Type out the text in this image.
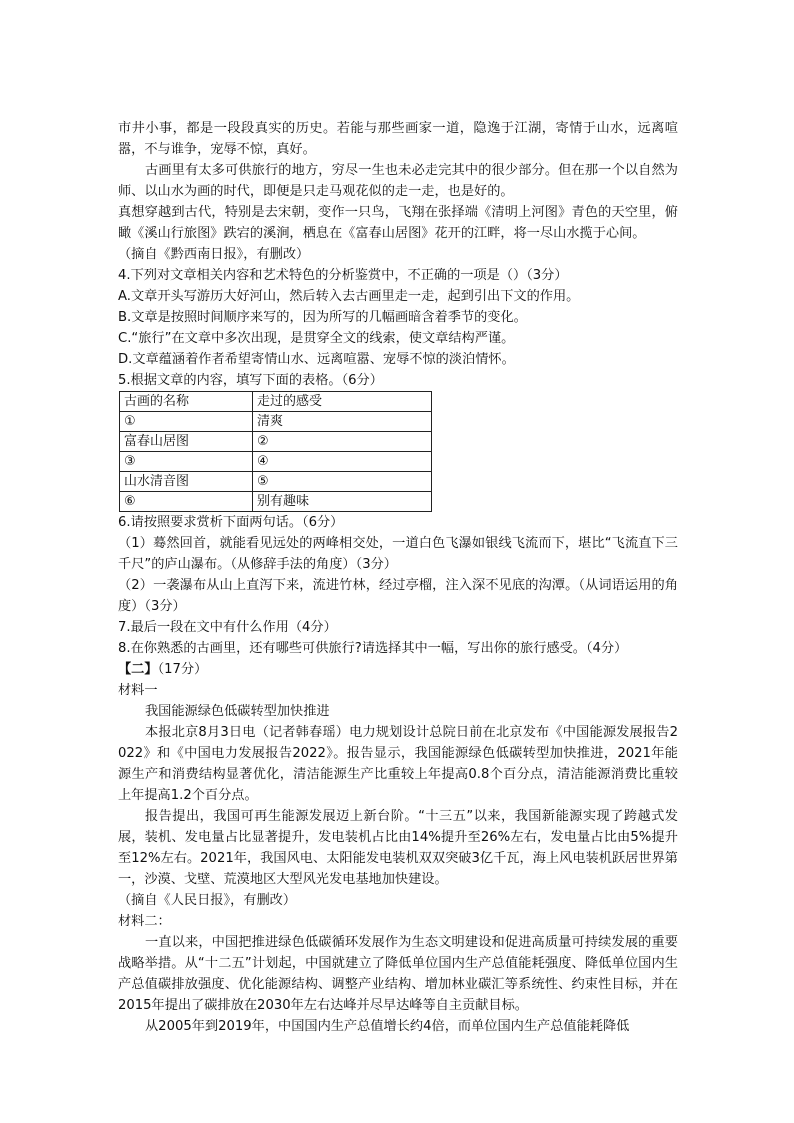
市井小事，都是一段段真实的历史。若能与那些画家一道，隐逸于江湖，寄情于山水，远离喧嚣，不与谁争，宠辱不惊，真好。

古画里有太多可供旅行的地方，穷尽一生也未必走完其中的很少部分。但在那一个以自然为师、以山水为画的时代，即便是只走马观花似的走一走，也是好的。

真想穿越到古代，特别是去宋朝，变作一只鸟，飞翔在张择端《清明上河图》青色的天空里，俯瞰《溪山行旅图》跌宕的溪涧，栖息在《富春山居图》花开的江畔，将一尽山水揽于心间。

（摘自《黔西南日报》，有删改）

4.下列对文章相关内容和艺术特色的分析鉴赏中，不正确的一项是（）（3分）

A.文章开头写游历大好河山，然后转入去古画里走一走，起到引出下文的作用。

B.文章是按照时间顺序来写的，因为所写的几幅画暗含着季节的变化。

C.“旅行”在文章中多次出现，是贯穿全文的线索，使文章结构严谨。

D.文章蕴涵着作者希望寄情山水、远离喧嚣、宠辱不惊的淡泊情怀。

5.根据文章的内容，填写下面的表格。（6分）

古画的名称	走过的感受
①	清爽
富春山居图	②
③	④
山水清音图	⑤
⑥	别有趣味

6.请按照要求赏析下面两句话。（6分）

（1）蓦然回首，就能看见远处的两峰相交处，一道白色飞瀑如银线飞流而下，堪比“飞流直下三千尺”的庐山瀑布。（从修辞手法的角度）（3分）

（2）一袭瀑布从山上直泻下来，流进竹林，经过亭榴，注入深不见底的沟潭。（从词语运用的角度）（3分）

7.最后一段在文中有什么作用（4分）

8.在你熟悉的古画里，还有哪些可供旅行?请选择其中一幅，写出你的旅行感受。（4分）

【二】（17分）

材料一

我国能源绿色低碳转型加快推进

本报北京8月3日电（记者韩春瑶）电力规划设计总院日前在北京发布《中国能源发展报告2022》和《中国电力发展报告2022》。报告显示，我国能源绿色低碳转型加快推进，2021年能源生产和消费结构显著优化，清洁能源生产比重较上年提高0.8个百分点，清洁能源消费比重较上年提高1.2个百分点。

报告提出，我国可再生能源发展迈上新台阶。“十三五”以来，我国新能源实现了跨越式发展，装机、发电量占比显著提升，发电装机占比由14%提升至26%左右，发电量占比由5%提升至12%左右。2021年，我国风电、太阳能发电装机双双突破3亿千瓦，海上风电装机跃居世界第一，沙漠、戈壁、荒漠地区大型风光发电基地加快建设。

（摘自《人民日报》，有删改）

材料二：

一直以来，中国把推进绿色低碳循环发展作为生态文明建设和促进高质量可持续发展的重要战略举措。从“十二五”计划起，中国就建立了降低单位国内生产总值能耗强度、降低单位国内生产总值碳排放强度、优化能源结构、调整产业结构、增加林业碳汇等系统性、约束性目标，并在2015年提出了碳排放在2030年左右达峰并尽早达峰等自主贡献目标。

从2005年到2019年，中国国内生产总值增长约4倍，而单位国内生产总值能耗降低
